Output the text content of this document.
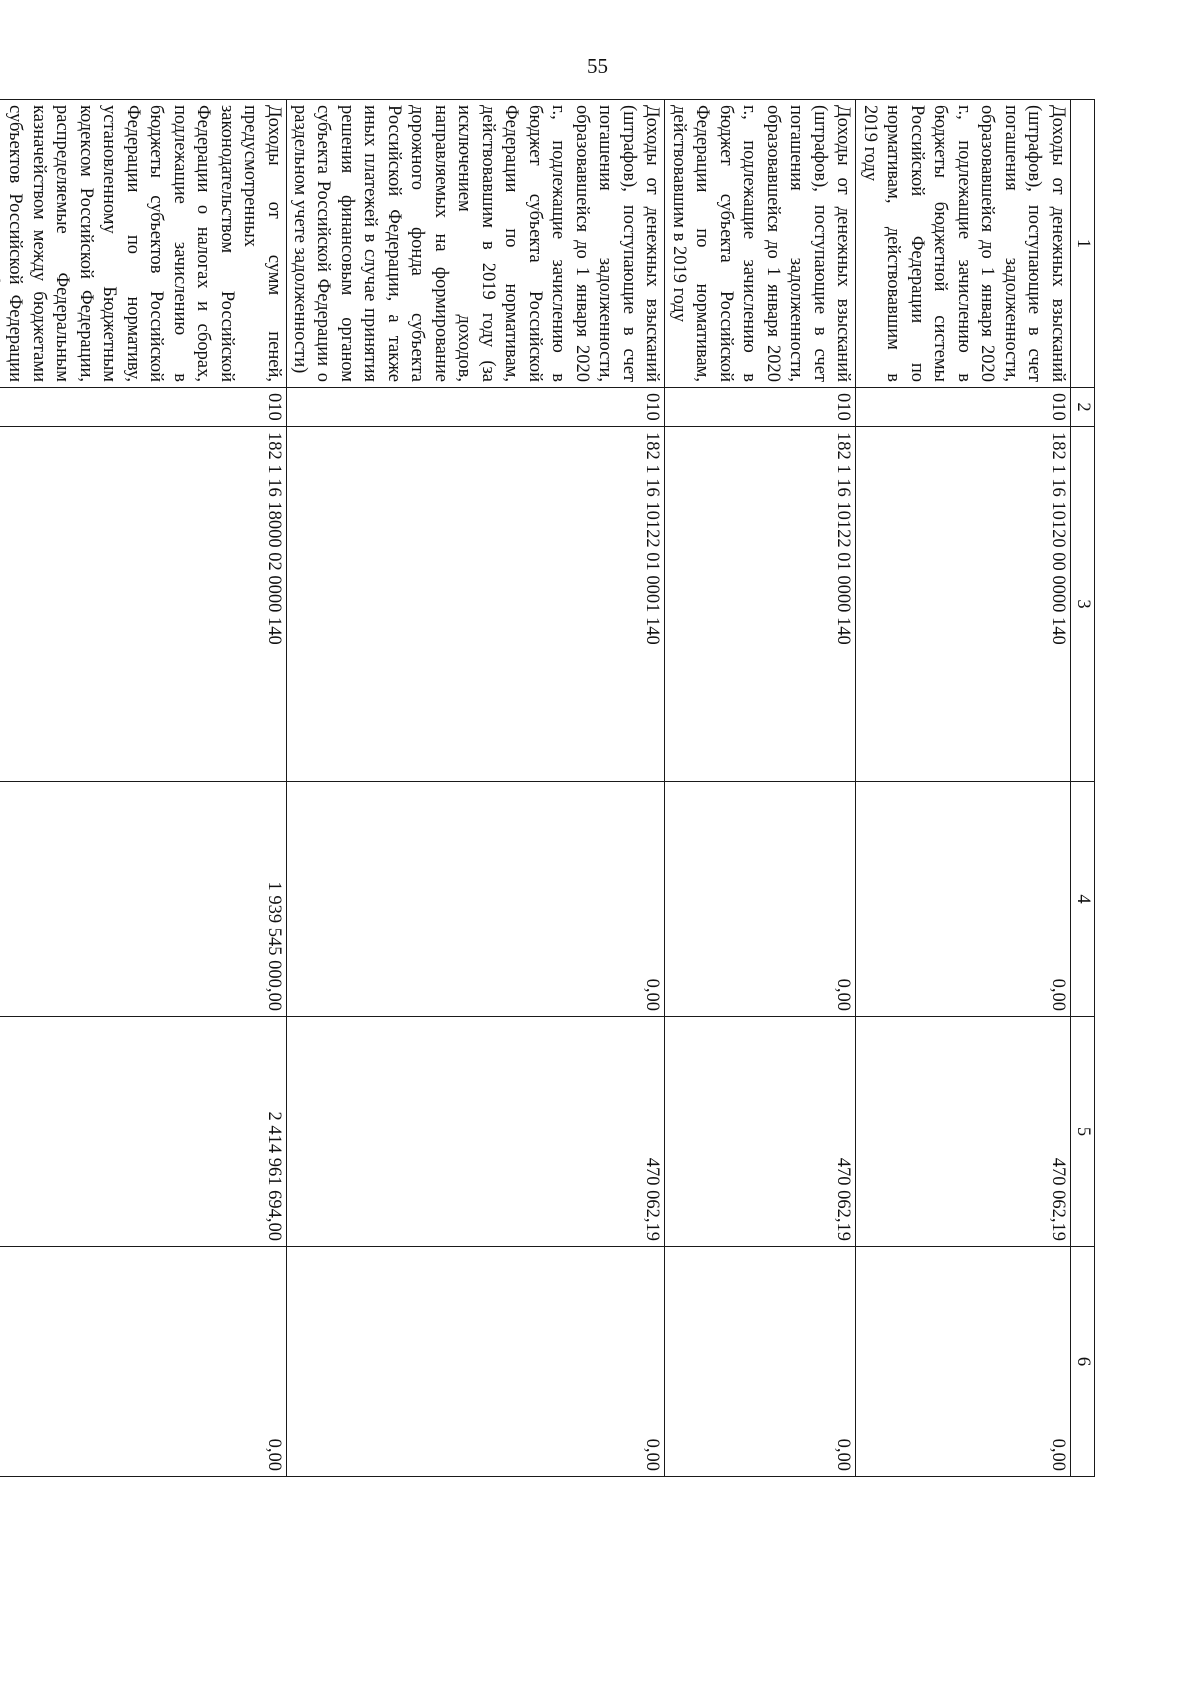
55
1	2	3	4	5	6
Доходы от денежных взысканий (штрафов), поступающие в счет погашения задолженности, образовавшейся до 1 января 2020 г., подлежащие зачислению в бюджеты бюджетной системы Российской Федерации по нормативам, действовавшим в 2019 году	010	182 1 16 10120 00 0000 140	0,00	470 062,19	0,00
Доходы от денежных взысканий (штрафов), поступающие в счет погашения задолженности, образовавшейся до 1 января 2020 г., подлежащие зачислению в бюджет субъекта Российской Федерации по нормативам, действовавшим в 2019 году	010	182 1 16 10122 01 0000 140	0,00	470 062,19	0,00
Доходы от денежных взысканий (штрафов), поступающие в счет погашения задолженности, образовавшейся до 1 января 2020 г., подлежащие зачислению в бюджет субъекта Российской Федерации по нормативам, действовавшим в 2019 году (за исключением доходов, направляемых на формирование дорожного фонда субъекта Российской Федерации, а также иных платежей в случае принятия решения финансовым органом субъекта Российской Федерации о раздельном учете задолженности)	010	182 1 16 10122 01 0001 140	0,00	470 062,19	0,00
Доходы от сумм пеней, предусмотренных законодательством Российской Федерации о налогах и сборах, подлежащие зачислению в бюджеты субъектов Российской Федерации по нормативу, установленному Бюджетным кодексом Российской Федерации, распределяемые Федеральным казначейством между бюджетами субъектов Российской Федерации	010	182 1 16 18000 02 0000 140	1 939 545 000,00	2 414 961 694,00	0,00
